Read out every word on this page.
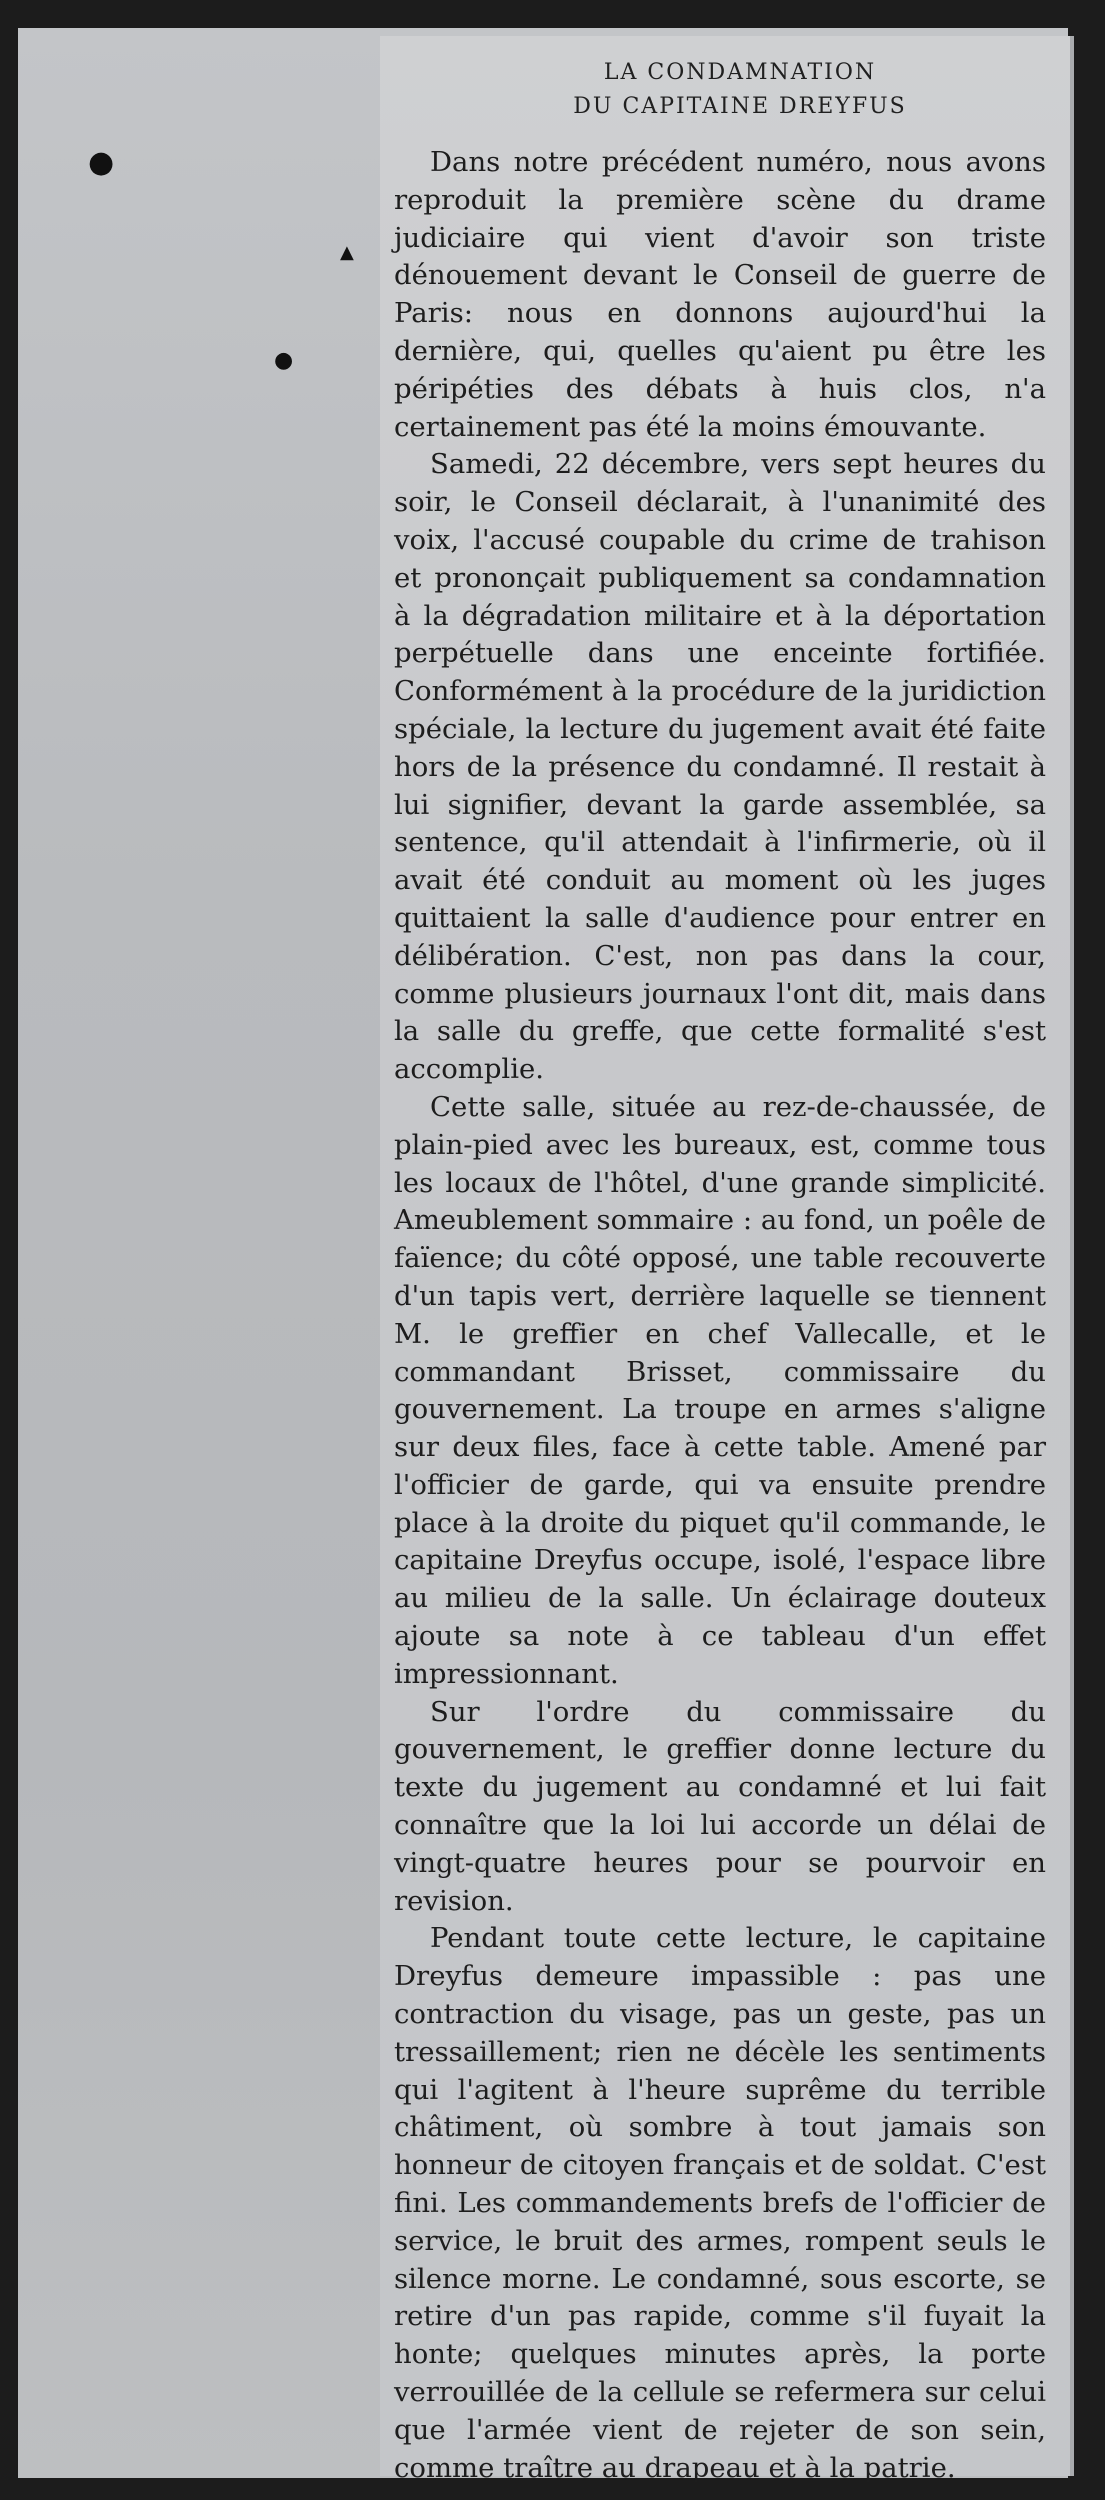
●
▲
●
LA CONDAMNATION
DU CAPITAINE DREYFUS

Dans notre précédent numéro, nous avons reproduit la première scène du drame judiciaire qui vient d'avoir son triste dénouement devant le Conseil de guerre de Paris: nous en donnons aujourd'hui la dernière, qui, quelles qu'aient pu être les péripéties des débats à huis clos, n'a certainement pas été la moins émouvante.

Samedi, 22 décembre, vers sept heures du soir, le Conseil déclarait, à l'unanimité des voix, l'accusé coupable du crime de trahison et prononçait publiquement sa condamnation à la dégradation militaire et à la déportation perpétuelle dans une enceinte fortifiée. Conformément à la procédure de la juridiction spéciale, la lecture du jugement avait été faite hors de la présence du condamné. Il restait à lui signifier, devant la garde assemblée, sa sentence, qu'il attendait à l'infirmerie, où il avait été conduit au moment où les juges quittaient la salle d'audience pour entrer en délibération. C'est, non pas dans la cour, comme plusieurs journaux l'ont dit, mais dans la salle du greffe, que cette formalité s'est accomplie.

Cette salle, située au rez-de-chaussée, de plain-pied avec les bureaux, est, comme tous les locaux de l'hôtel, d'une grande simplicité. Ameublement sommaire : au fond, un poêle de faïence; du côté opposé, une table recouverte d'un tapis vert, derrière laquelle se tiennent M. le greffier en chef Vallecalle, et le commandant Brisset, commissaire du gouvernement. La troupe en armes s'aligne sur deux files, face à cette table. Amené par l'officier de garde, qui va ensuite prendre place à la droite du piquet qu'il commande, le capitaine Dreyfus occupe, isolé, l'espace libre au milieu de la salle. Un éclairage douteux ajoute sa note à ce tableau d'un effet impressionnant.

Sur l'ordre du commissaire du gouvernement, le greffier donne lecture du texte du jugement au condamné et lui fait connaître que la loi lui accorde un délai de vingt-quatre heures pour se pourvoir en revision.

Pendant toute cette lecture, le capitaine Dreyfus demeure impassible : pas une contraction du visage, pas un geste, pas un tressaillement; rien ne décèle les sentiments qui l'agitent à l'heure suprême du terrible châtiment, où sombre à tout jamais son honneur de citoyen français et de soldat. C'est fini. Les commandements brefs de l'officier de service, le bruit des armes, rompent seuls le silence morne. Le condamné, sous escorte, se retire d'un pas rapide, comme s'il fuyait la honte; quelques minutes après, la porte verrouillée de la cellule se refermera sur celui que l'armée vient de rejeter de son sein, comme traître au drapeau et à la patrie.
